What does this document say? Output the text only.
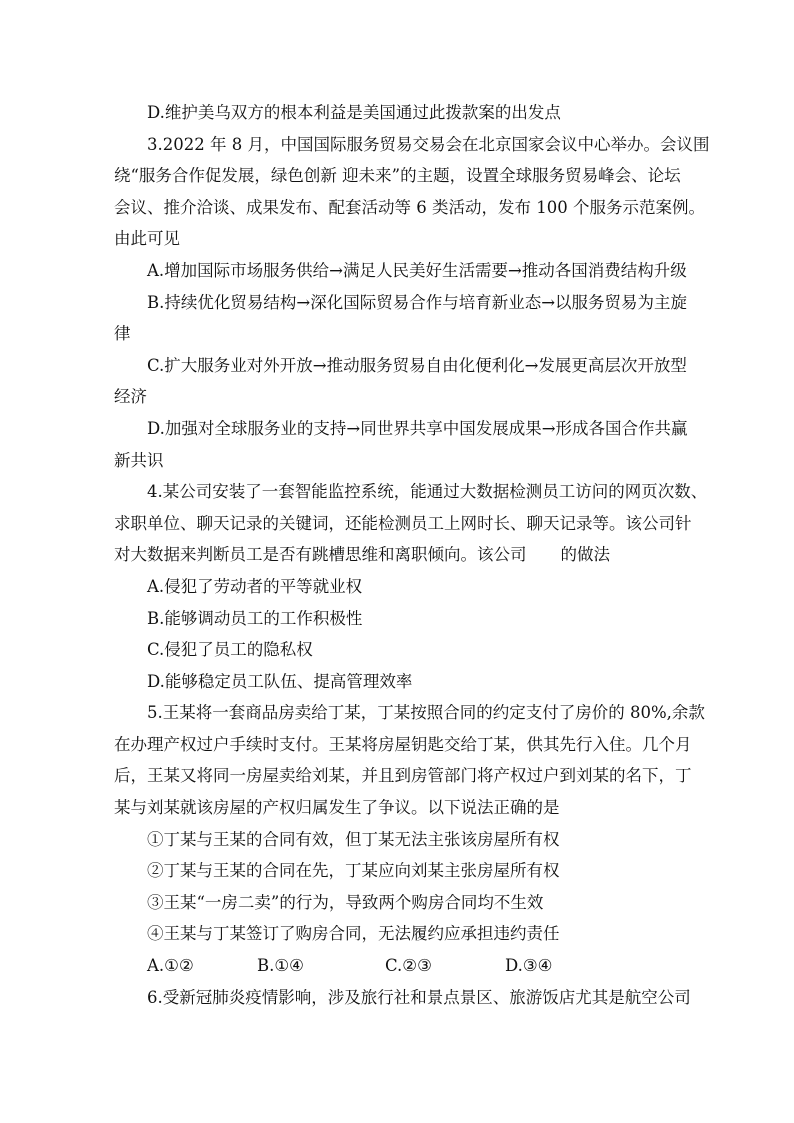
D.维护美乌双方的根本利益是美国通过此拨款案的出发点
3.2022 年 8 月，中国国际服务贸易交易会在北京国家会议中心举办。会议围
绕“服务合作促发展，绿色创新 迎未来”的主题，设置全球服务贸易峰会、论坛
会议、推介洽谈、成果发布、配套活动等 6 类活动，发布 100 个服务示范案例。
由此可见
A.增加国际市场服务供给→满足人民美好生活需要→推动各国消费结构升级
B.持续优化贸易结构→深化国际贸易合作与培育新业态→以服务贸易为主旋
律
C.扩大服务业对外开放→推动服务贸易自由化便利化→发展更高层次开放型
经济
D.加强对全球服务业的支持→同世界共享中国发展成果→形成各国合作共赢
新共识
4.某公司安装了一套智能监控系统，能通过大数据检测员工访问的网页次数、
求职单位、聊天记录的关键词，还能检测员工上网时长、聊天记录等。该公司针
对大数据来判断员工是否有跳槽思维和离职倾向。该公司 的做法
A.侵犯了劳动者的平等就业权
B.能够调动员工的工作积极性
C.侵犯了员工的隐私权
D.能够稳定员工队伍、提高管理效率
5.王某将一套商品房卖给丁某，丁某按照合同的约定支付了房价的 80%,余款
在办理产权过户手续时支付。王某将房屋钥匙交给丁某，供其先行入住。几个月
后，王某又将同一房屋卖给刘某，并且到房管部门将产权过户到刘某的名下，丁
某与刘某就该房屋的产权归属发生了争议。以下说法正确的是
①丁某与王某的合同有效，但丁某无法主张该房屋所有权
②丁某与王某的合同在先，丁某应向刘某主张房屋所有权
③王某“一房二卖”的行为，导致两个购房合同均不生效
④王某与丁某签订了购房合同，无法履约应承担违约责任
A.①②	B.①④	C.②③	D.③④
6.受新冠肺炎疫情影响，涉及旅行社和景点景区、旅游饭店尤其是航空公司
